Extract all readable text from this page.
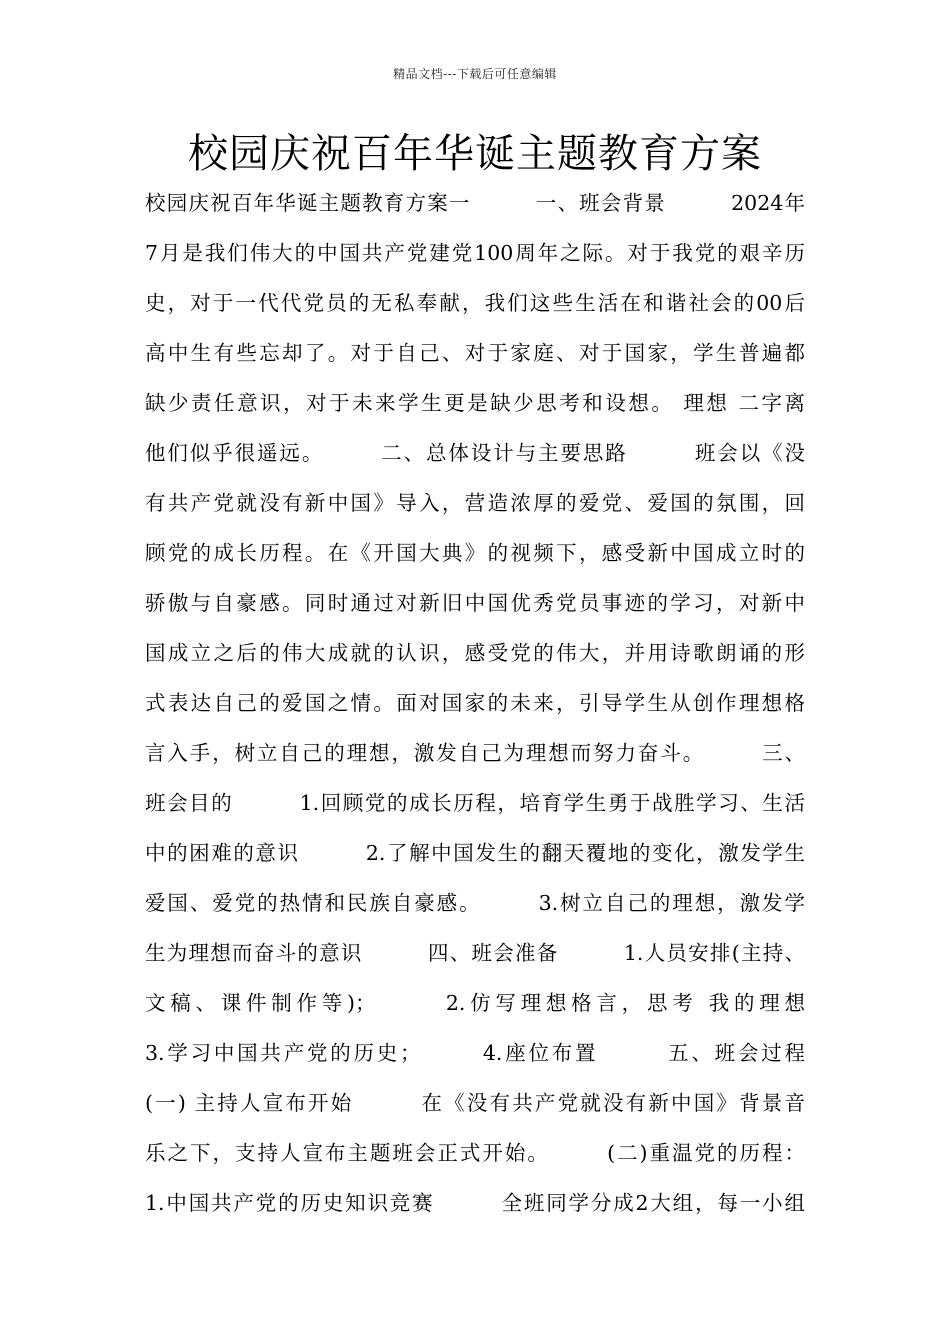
精品文档---下载后可任意编辑
校园庆祝百年华诞主题教育方案
校园庆祝百年华诞主题教育方案一　　　一、班会背景　　　2024年
7月是我们伟大的中国共产党建党100周年之际。对于我党的艰辛历
史，对于一代代党员的无私奉献，我们这些生活在和谐社会的00后
高中生有些忘却了。对于自己、对于家庭、对于国家，学生普遍都
缺少责任意识，对于未来学生更是缺少思考和设想。 理想 二字离
他们似乎很遥远。　　　二、总体设计与主要思路　　　班会以《没
有共产党就没有新中国》导入，营造浓厚的爱党、爱国的氛围，回
顾党的成长历程。在《开国大典》的视频下，感受新中国成立时的
骄傲与自豪感。同时通过对新旧中国优秀党员事迹的学习，对新中
国成立之后的伟大成就的认识，感受党的伟大，并用诗歌朗诵的形
式表达自己的爱国之情。面对国家的未来，引导学生从创作理想格
言入手，树立自己的理想，激发自己为理想而努力奋斗。　　　三、
班会目的　　　1.回顾党的成长历程，培育学生勇于战胜学习、生活
中的困难的意识　　　2.了解中国发生的翻天覆地的变化，激发学生
爱国、爱党的热情和民族自豪感。　　　3.树立自己的理想，激发学
生为理想而奋斗的意识　　　四、班会准备　　　1.人员安排(主持、
文稿、课件制作等)；　　　2.仿写理想格言，思考 我的理想
3.学习中国共产党的历史；　　　4.座位布置　　　五、班会过程
(一) 主持人宣布开始　　　在《没有共产党就没有新中国》背景音
乐之下，支持人宣布主题班会正式开始。　　　(二)重温党的历程：
1.中国共产党的历史知识竞赛　　　全班同学分成2大组，每一小组
